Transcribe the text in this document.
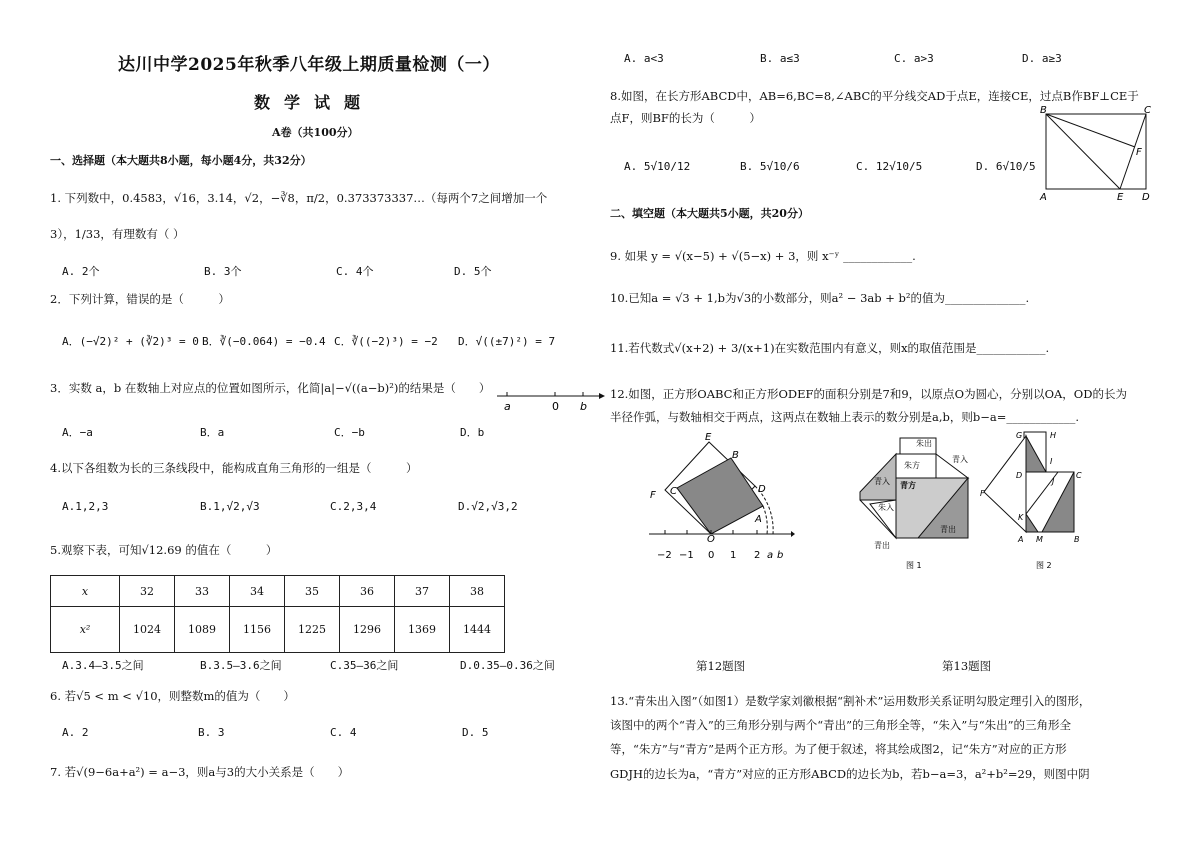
达川中学2025年秋季八年级上期质量检测（一）
数学试题
A卷（共100分）
一、选择题（本大题共8小题，每小题4分，共32分）
1. 下列数中，0.4583，√16，3.14，√2，−∛8，π/2，0.373373337…（每两个7之间增加一个
3），1/33，有理数有（ ）
A. 2个	B. 3个	C. 4个	D. 5个
2．下列计算，错误的是（　　　）
A．(−√2)² + (∛2)³ = 0 B．∛(−0.064) = −0.4 C．∛((−2)³) = −2 D．√((±7)²) = 7
3．实数 a，b 在数轴上对应点的位置如图所示，化简|a|−√((a−b)²)的结果是（　　）
a	0 b
A．−a	B．a	C．−b	D．b
4.以下各组数为长的三条线段中，能构成直角三角形的一组是（　　　）
A.1,2,3	B.1,√2,√3	C.2,3,4	D.√2,√3,2
5.观察下表，可知√12.69 的值在（　　　）
x	32	33	34	35	36	37	38
x²	1024	1089	1156	1225	1296	1369	1444
A.3.4—3.5之间	B.3.5—3.6之间	C.35—36之间	D.0.35—0.36之间
6. 若√5 < m < √10，则整数m的值为（　　）
A. 2	B. 3	C. 4	D. 5
7. 若√(9−6a+a²) = a−3，则a与3的大小关系是（　　）
A. a<3	B. a≤3	C. a>3	D. a≥3
8.如图，在长方形ABCD中，AB=6,BC=8,∠ABC的平分线交AD于点E，连接CE，过点B作BF⊥CE于
点F，则BF的长为（　　　）
A. 5√10/12	B. 5√10/6	C. 12√10/5	D. 6√10/5
B	C
F
A	E D
二、填空题（本大题共5小题，共20分）
9. 如果 y = √(x−5) + √(5−x) + 3，则 x⁻ʸ ____________.
10.已知a = √3 + 1,b为√3的小数部分，则a² − 3ab + b²的值为______________.
11.若代数式√(x+2) + 3/(x+1)在实数范围内有意义，则x的取值范围是____________.
12.如图，正方形OABC和正方形ODEF的面积分别是7和9，以原点O为圆心，分别以OA，OD的长为
半径作弧，与数轴相交于两点，这两点在数轴上表示的数分别是a,b，则b−a=____________.
E
B
C	D
F
A
O
−2 −1 0 1 2 a b
朱出
朱方
青入
青入 青方
朱入
青出
青出
图 1
G	H
I
D
J
C
F
K
A M	B
图 2
第12题图	第13题图
13.“青朱出入图”（如图1）是数学家刘徽根据“割补术”运用数形关系证明勾股定理引入的图形，
该图中的两个“青入”的三角形分别与两个“青出”的三角形全等，“朱入”与“朱出”的三角形全
等，“朱方”与“青方”是两个正方形。为了便于叙述，将其绘成图2，记“朱方”对应的正方形
GDJH的边长为a，“青方”对应的正方形ABCD的边长为b，若b−a=3，a²+b²=29，则图中阴
